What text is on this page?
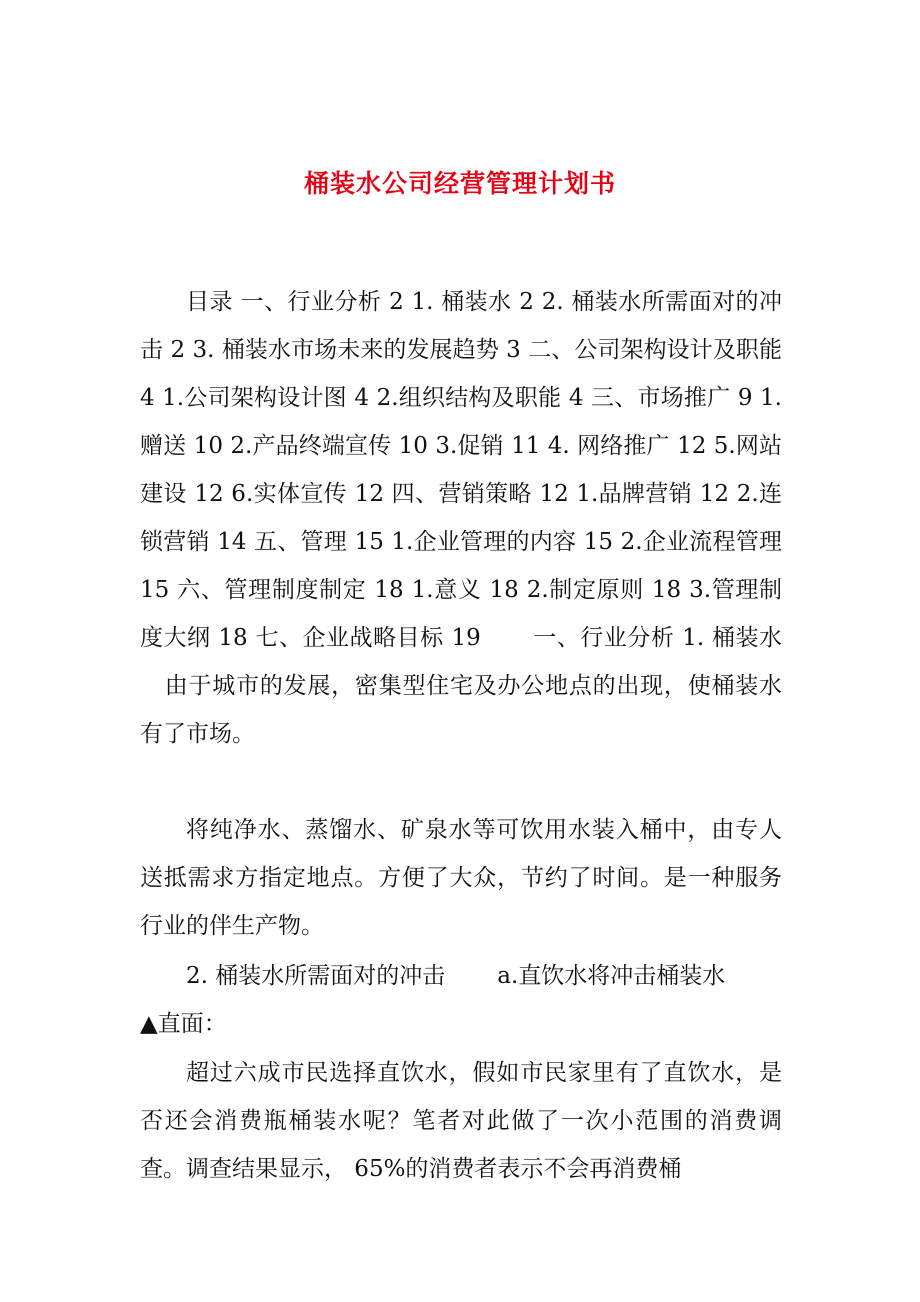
桶装水公司经营管理计划书

目录 一、行业分析 2 1. 桶装水 2 2. 桶装水所需面对的冲击 2 3. 桶装水市场未来的发展趋势 3 二、公司架构设计及职能 4 1.公司架构设计图 4 2.组织结构及职能 4 三、市场推广 9 1.赠送 10 2.产品终端宣传 10 3.促销 11 4. 网络推广 12 5.网站建设 12 6.实体宣传 12 四、营销策略 12 1.品牌营销 12 2.连锁营销 14 五、管理 15 1.企业管理的内容 15 2.企业流程管理 15 六、管理制度制定 18 1.意义 18 2.制定原则 18 3.管理制度大纲 18 七、企业战略目标 19 一、行业分析 1. 桶装水由于城市的发展，密集型住宅及办公地点的出现，使桶装水有了市场。

将纯净水、蒸馏水、矿泉水等可饮用水装入桶中，由专人送抵需求方指定地点。方便了大众，节约了时间。是一种服务行业的伴生产物。

2. 桶装水所需面对的冲击 a.直饮水将冲击桶装水
▲直面：

超过六成市民选择直饮水，假如市民家里有了直饮水，是否还会消费瓶桶装水呢？笔者对此做了一次小范围的消费调查。调查结果显示， 65%的消费者表示不会再消费桶
